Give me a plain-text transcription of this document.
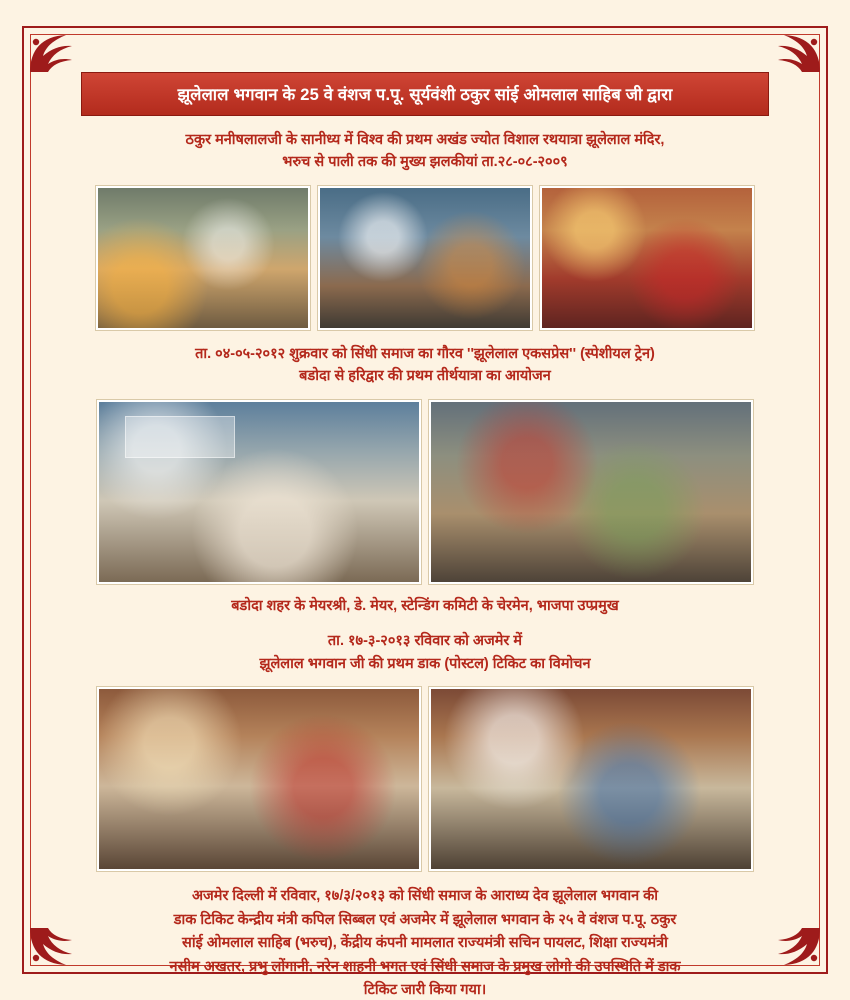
झूलेलाल भगवान के 25 वे वंशज प.पू. सूर्यवंशी ठकुर सांई ओमलाल साहिब जी द्वारा
ठकुर मनीषलालजी के सानीध्य में विश्व की प्रथम अखंड ज्योत विशाल रथयात्रा झूलेलाल मंदिर,
भरुच से पाली तक की मुख्य झलकीयां ता.२८-०८-२००९
ता. ०४-०५-२०१२ शुक्रवार को सिंधी समाज का गौरव ''झूलेलाल एकसप्रेस'' (स्पेशीयल ट्रेन)
बडोदा से हरिद्वार की प्रथम तीर्थयात्रा का आयोजन
बडोदा शहर के मेयरश्री, डे. मेयर, स्टेन्डिंग कमिटी के चेरमेन, भाजपा उप्प्रमुख
ता. १७-३-२०१३ रविवार को अजमेर में
झूलेलाल भगवान जी की प्रथम डाक (पोस्टल) टिकिट का विमोचन
अजमेर दिल्ली में रविवार, १७/३/२०१३ को सिंधी समाज के आराध्य देव झूलेलाल भगवान की
डाक टिकिट केन्द्रीय मंत्री कपिल सिब्बल एवं अजमेर में झूलेलाल भगवान के २५ वे वंशज प.पू. ठकुर
सांई ओमलाल साहिब (भरुच), केंद्रीय कंपनी मामलात राज्यमंत्री सचिन पायलट, शिक्षा राज्यमंत्री
नसीम अखतर, प्रभु लोंगानी, नरेन शाहनी भगत एवं सिंधी समाज के प्रमुख लोगो की उपस्थिति में डाक
टिकिट जारी किया गया।
